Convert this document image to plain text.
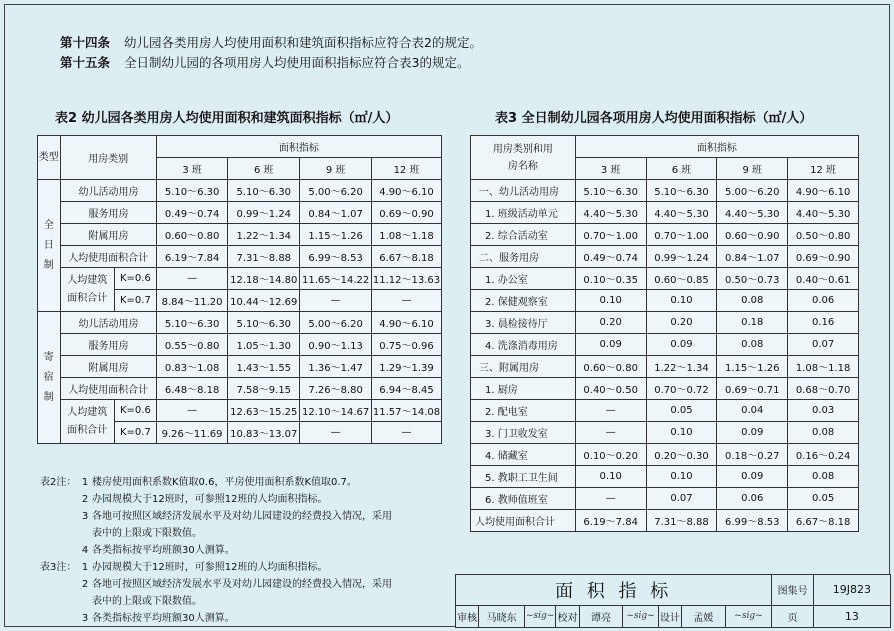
第十四条 幼儿园各类用房人均使用面积和建筑面积指标应符合表2的规定。
第十五条 全日制幼儿园的各项用房人均使用面积指标应符合表3的规定。
表2 幼儿园各类用房人均使用面积和建筑面积指标（㎡/人）	表3 全日制幼儿园各项用房人均使用面积指标（㎡/人）
类型	用房类别		面积指标			
			3 班	6 班	9 班	12 班
全日制	幼儿活动用房		5.10～6.30	5.10～6.30	5.00～6.20	4.90～6.10
	服务用房		0.49～0.74	0.99～1.24	0.84～1.07	0.69～0.90
	附属用房		0.60～0.80	1.22～1.34	1.15～1.26	1.08～1.18
	人均使用面积合计		6.19～7.84	7.31～8.88	6.99～8.53	6.67～8.18
	人均建筑面积合计	K=0.6	—	12.18～14.80	11.65～14.22	11.12～13.63
		K=0.7	8.84～11.20	10.44～12.69	—	—
寄宿制	幼儿活动用房		5.10～6.30	5.10～6.30	5.00～6.20	4.90～6.10
	服务用房		0.55～0.80	1.05～1.30	0.90～1.13	0.75～0.96
	附属用房		0.83～1.08	1.43～1.55	1.36～1.47	1.29～1.39
	人均使用面积合计		6.48～8.18	7.58～9.15	7.26～8.80	6.94～8.45
	人均建筑面积合计	K=0.6	—	12.63～15.25	12.10～14.67	11.57～14.08
		K=0.7	9.26～11.69	10.83～13.07	—	—
用房类别和用房名称	面积指标			
	3 班	6 班	9 班	12 班
一、幼儿活动用房	5.10～6.30	5.10～6.30	5.00～6.20	4.90～6.10
1. 班级活动单元	4.40～5.30	4.40～5.30	4.40～5.30	4.40～5.30
2. 综合活动室	0.70～1.00	0.70～1.00	0.60～0.90	0.50～0.80
二、服务用房	0.49～0.74	0.99～1.24	0.84～1.07	0.69～0.90
1. 办公室	0.10～0.35	0.60～0.85	0.50～0.73	0.40～0.61
2. 保健观察室	0.10	0.10	0.08	0.06
3. 晨检接待厅	0.20	0.20	0.18	0.16
4. 洗涤消毒用房	0.09	0.09	0.08	0.07
三、附属用房	0.60～0.80	1.22～1.34	1.15～1.26	1.08～1.18
1. 厨房	0.40～0.50	0.70～0.72	0.69～0.71	0.68～0.70
2. 配电室	—	0.05	0.04	0.03
3. 门卫收发室	—	0.10	0.09	0.08
4. 储藏室	0.10～0.20	0.20～0.30	0.18～0.27	0.16～0.24
5. 教职工卫生间	0.10	0.10	0.09	0.08
6. 教师值班室	—	0.07	0.06	0.05
人均使用面积合计	6.19～7.84	7.31～8.88	6.99～8.53	6.67～8.18
表2注： 1 楼房使用面积系数K值取0.6，平房使用面积系数K值取0.7。
2 办园规模大于12班时，可参照12班的人均面积指标。
3 各地可按照区域经济发展水平及对幼儿园建设的经费投入情况，采用
表中的上限或下限数值。
4 各类指标按平均班额30人测算。
表3注： 1 办园规模大于12班时，可参照12班的人均面积指标。
2 各地可按照区域经济发展水平及对幼儿园建设的经费投入情况，采用
表中的上限或下限数值。
3 各类指标按平均班额30人测算。
面 积 指 标									图集号	19J823
审核	马晓东	~sig~	校对	谭亮	~sig~	设计	孟媛	~sig~	页	13
